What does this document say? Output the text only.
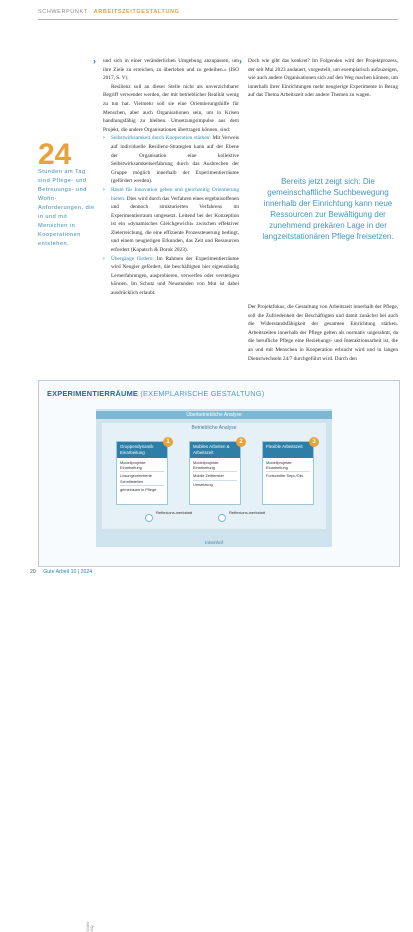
SCHWERPUNKT ARBEITSZEITGESTALTUNG
›	›
24
Stunden am Tag sind Pflege- und Betreuungs- und Wohn- Anforderungen, die in und mit Menschen in Kooperationen entstehen.

und sich in einer veränderlichen Umgebung anzupassen, um ihre Ziele zu erreichen, zu überleben und zu gedeihen.« (ISO 2017, S. V).

Resilienz soll an dieser Stelle nicht als unverzichtbarer Begriff verwendet werden, der mit betrieblicher Realität wenig zu tun hat. Vielmehr soll sie eine Orientierungshilfe für Menschen, aber auch Organisationen sein, um in Krisen handlungsfähig zu bleiben. Umsetzungsimpulse aus dem Projekt, die andere Organisationen übertragen können, sind:

› Selbstwirksamkeit durch Kooperation stärken: Mit Verweis auf individuelle Resilienz-Strategien kann auf der Ebene der Organisation eine kollektive Selbstwirksamkeitserfahrung durch das Ausbrechen der Gruppe möglich innerhalb der Experimentierräume (gefördert werden).

› Raum für Innovation geben und gleichzeitig Orientierung bieten: Dies wird durch das Verfahren eines ergebnisoffenen und dennoch strukturierten Verfahrens im Experimentierraum umgesetzt. Leitend bei der Konzeption ist ein »dynamisches Gleichgewicht« zwischen effektiver Zielerreichung, die eine effiziente Prozessteuerung bedingt, und einem neugierigen Erkunden, das Zeit und Ressourcen erfordert (Kopatsch & Dorok 2023).

› Übergänge fördern: Im Rahmen der Experimentierräume wird Neugier gefördert, die beschäftigten hier eigenständig Lernerfahrungen, ausprobieren, verwerfen oder verstetigen können. Im Schutz und Neustunden von Mut ist dabei ausdrücklich erlaubt.

Doch wie gibt das konkret? Im Folgenden wird der Projektprozess, der seit Mai 2023 andauert, vorgestellt, um exemplarisch aufzuzeigen, wie auch andere Organisationen sich auf den Weg machen können, um innerhalb ihrer Einrichtungen mehr neugierige Experimente in Bezug auf das Thema Arbeitszeit oder andere Themen zu wagen.

Bereits jetzt zeigt sich: Die gemeinschaftliche Suchbewegung innerhalb der Einrichtung kann neue Ressourcen zur Bewältigung der zunehmend prekären Lage in der langzeitstationären Pflege freisetzen.

Der Projektfokus, die Gestaltung von Arbeitszeit innerhalb der Pflege, soll die Zufriedenheit der Beschäftigten und damit zunächst bei auch die Widerstandsfähigkeit der gesamten Einrichtung stärken. Arbeitszeiten innerhalb der Pflege gelten als normativ ungerahmt, da die berufliche Pflege eine Beziehungs- und Interaktionsarbeit ist, die an und mit Menschen in Kooperation erbracht wird und in langen Dienstwechseln 24/7 durchgeführt wird. Durch den

EXPERIMENTIERRÄUME (EXEMPLARISCHE GESTALTUNG)
Überbetriebliche Analyse
Betriebliche Analyse
1
Gruppendynamik Einarbeitung
Modellprojekte: Einarbeitung
Lösungsorientierte Schnittstellen
gemeinsam in Pflege
2
Mobiles Arbeiten & Arbeitszeit
Modellprojekte: Einarbeitung
Mobile Zeitfenster
Umsetzung
3
Flexible Arbeitszeit
Modellprojekte: Einarbeitung
Fortschritte Sept./Okt.
Reflexions-werkstatt	Reflexions-werkstatt
Innenhof
Grafik: IAQ
20 Gute Arbeit 10 | 2024
